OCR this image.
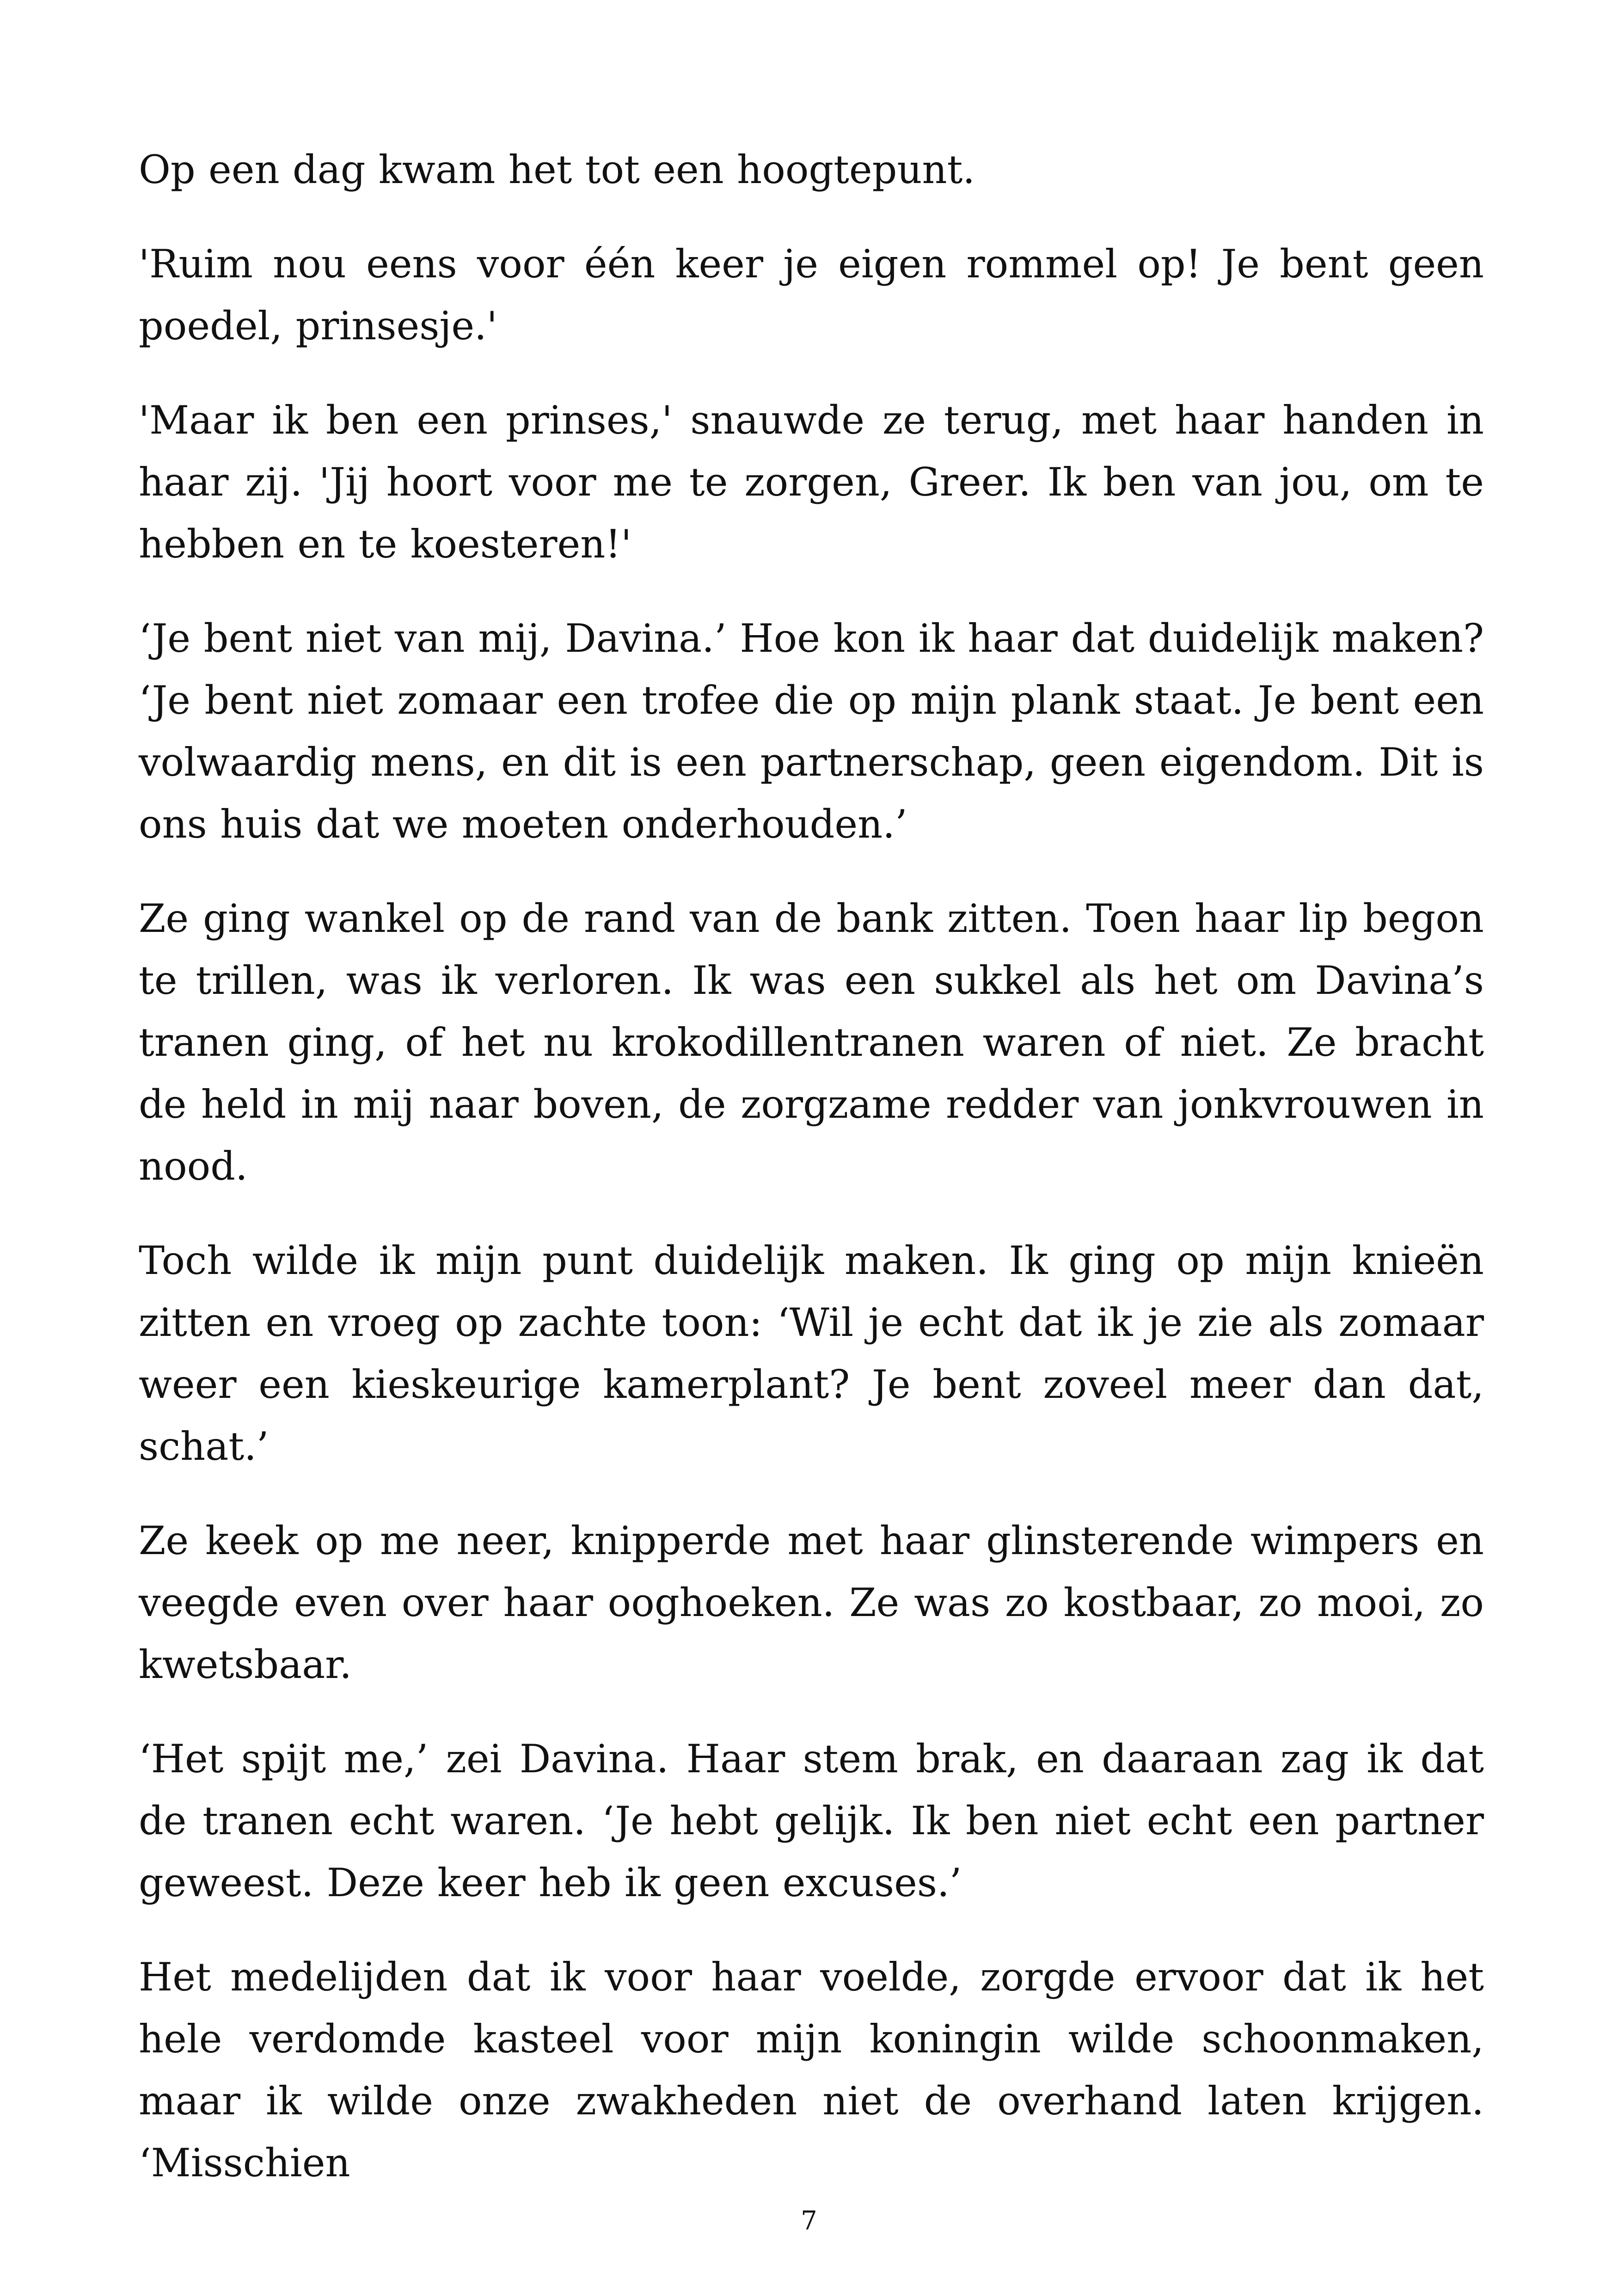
Op een dag kwam het tot een hoogtepunt.

'Ruim nou eens voor één keer je eigen rommel op! Je bent geen poedel, prinsesje.'

'Maar ik ben een prinses,' snauwde ze terug, met haar handen in haar zij. 'Jij hoort voor me te zorgen, Greer. Ik ben van jou, om te hebben en te koesteren!'

‘Je bent niet van mij, Davina.’ Hoe kon ik haar dat duidelijk maken? ‘Je bent niet zomaar een trofee die op mijn plank staat. Je bent een volwaardig mens, en dit is een partnerschap, geen eigendom. Dit is ons huis dat we moeten onderhouden.’

Ze ging wankel op de rand van de bank zitten. Toen haar lip begon te trillen, was ik verloren. Ik was een sukkel als het om Davina’s tranen ging, of het nu krokodillentranen waren of niet. Ze bracht de held in mij naar boven, de zorgzame redder van jonkvrouwen in nood.

Toch wilde ik mijn punt duidelijk maken. Ik ging op mijn knieën zitten en vroeg op zachte toon: ‘Wil je echt dat ik je zie als zomaar weer een kieskeurige kamerplant? Je bent zoveel meer dan dat, schat.’

Ze keek op me neer, knipperde met haar glinsterende wimpers en veegde even over haar ooghoeken. Ze was zo kostbaar, zo mooi, zo kwetsbaar.

‘Het spijt me,’ zei Davina. Haar stem brak, en daaraan zag ik dat de tranen echt waren. ‘Je hebt gelijk. Ik ben niet echt een partner geweest. Deze keer heb ik geen excuses.’

Het medelijden dat ik voor haar voelde, zorgde ervoor dat ik het hele verdomde kasteel voor mijn koningin wilde schoonmaken, maar ik wilde onze zwakheden niet de overhand laten krijgen. ‘Misschien

7
